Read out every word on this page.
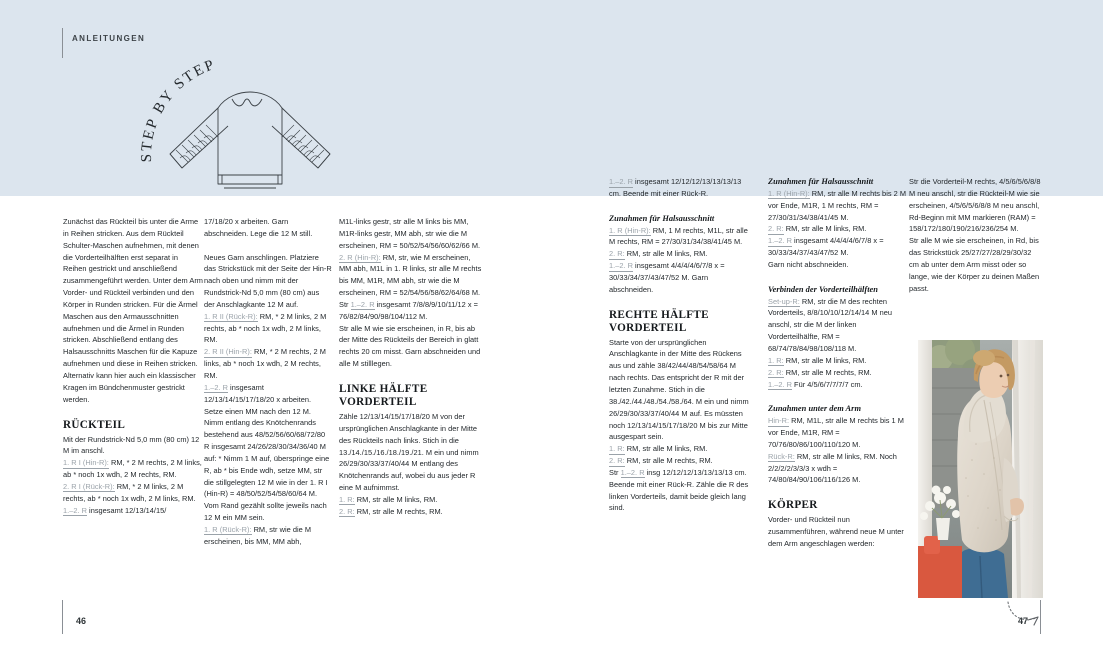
ANLEITUNGEN
46	47
STEP BY STEP

Zunächst das Rückteil bis unter die Arme in Reihen stricken. Aus dem Rückteil Schulter-Maschen aufnehmen, mit denen die Vorderteilhälften erst separat in Reihen gestrickt und anschließend zusammengeführt werden. Unter dem Arm Vorder- und Rückteil verbinden und den Körper in Runden stricken. Für die Ärmel Maschen aus den Armausschnitten aufnehmen und die Ärmel in Runden stricken. Abschließend entlang des Halsausschnitts Maschen für die Kapuze aufnehmen und diese in Reihen stricken. Alternativ kann hier auch ein klassischer Kragen im Bündchenmuster gestrickt werden.

RÜCKTEIL

Mit der Rundstrick-Nd 5,0 mm (80 cm) 12 M im anschl.

1. R I (Hin-R): RM, * 2 M rechts, 2 M links, ab * noch 1x wdh, 2 M rechts, RM.

2. R I (Rück-R): RM, * 2 M links, 2 M rechts, ab * noch 1x wdh, 2 M links, RM.

1.–2. R insgesamt 12/13/14/15/

17/18/20 x arbeiten. Garn abschneiden. Lege die 12 M still.

Neues Garn anschlingen. Platziere das Strickstück mit der Seite der Hin-R nach oben und nimm mit der Rundstrick-Nd 5,0 mm (80 cm) aus der Anschlagkante 12 M auf.

1. R II (Rück-R): RM, * 2 M links, 2 M rechts, ab * noch 1x wdh, 2 M links, RM.

2. R II (Hin-R): RM, * 2 M rechts, 2 M links, ab * noch 1x wdh, 2 M rechts, RM.

1.–2. R insgesamt 12/13/14/15/17/18/20 x arbeiten.

Setze einen MM nach den 12 M. Nimm entlang des Knötchenrands bestehend aus 48/52/56/60/68/72/80 R insgesamt 24/26/28/30/34/36/40 M auf: * Nimm 1 M auf, überspringe eine R, ab * bis Ende wdh, setze MM, str die stillgelegten 12 M wie in der 1. R I (Hin-R) = 48/50/52/54/58/60/64 M. Vom Rand gezählt sollte jeweils nach 12 M ein MM sein.

1. R (Rück-R): RM, str wie die M erscheinen, bis MM, MM abh,

M1L-links gestr, str alle M links bis MM, M1R-links gestr, MM abh, str wie die M erscheinen, RM = 50/52/54/56/60/62/66 M.

2. R (Hin-R): RM, str, wie M erscheinen, MM abh, M1L in 1. R links, str alle M rechts bis MM, M1R, MM abh, str wie die M erscheinen, RM = 52/54/56/58/62/64/68 M.

Str 1.–2. R insgesamt 7/8/8/9/10/11/12 x = 76/82/84/90/98/104/112 M.

Str alle M wie sie erscheinen, in R, bis ab der Mitte des Rückteils der Bereich in glatt rechts 20 cm misst. Garn abschneiden und alle M stilllegen.

LINKE HÄLFTE VORDERTEIL

Zähle 12/13/14/15/17/18/20 M von der ursprünglichen Anschlagkante in der Mitte des Rückteils nach links. Stich in die 13./14./15./16./18./19./21. M ein und nimm 26/29/30/33/37/40/44 M entlang des Knötchenrands auf, wobei du aus jeder R eine M aufnimmst.

1. R: RM, str alle M links, RM.

2. R: RM, str alle M rechts, RM.

1.–2. R insgesamt 12/12/12/13/13/13/13 cm. Beende mit einer Rück-R.

Zunahmen für Halsausschnitt

1. R (Hin-R): RM, 1 M rechts, M1L, str alle M rechts, RM = 27/30/31/34/38/41/45 M.

2. R: RM, str alle M links, RM.

1.–2. R insgesamt 4/4/4/4/6/7/8 x = 30/33/34/37/43/47/52 M. Garn abschneiden.

RECHTE HÄLFTE VORDERTEIL

Starte von der ursprünglichen Anschlagkante in der Mitte des Rückens aus und zähle 38/42/44/48/54/58/64 M nach rechts. Das entspricht der R mit der letzten Zunahme. Stich in die 38./42./44./48./54./58./64. M ein und nimm 26/29/30/33/37/40/44 M auf. Es müssten noch 12/13/14/15/17/18/20 M bis zur Mitte ausgespart sein.

1. R: RM, str alle M links, RM.

2. R: RM, str alle M rechts, RM.

Str 1.–2. R insg 12/12/12/13/13/13/13 cm. Beende mit einer Rück-R. Zähle die R des linken Vorderteils, damit beide gleich lang sind.

Zunahmen für Halsausschnitt

1. R (Hin-R): RM, str alle M rechts bis 2 M vor Ende, M1R, 1 M rechts, RM = 27/30/31/34/38/41/45 M.

2. R: RM, str alle M links, RM.

1.–2. R insgesamt 4/4/4/4/6/7/8 x = 30/33/34/37/43/47/52 M.

Garn nicht abschneiden.

Verbinden der Vorderteilhälften

Set-up-R: RM, str die M des rechten Vorderteils, 8/8/10/10/12/14/14 M neu anschl, str die M der linken Vorderteilhälfte, RM = 68/74/78/84/98/108/118 M.

1. R: RM, str alle M links, RM.

2. R: RM, str alle M rechts, RM.

1.–2. R Für 4/5/6/7/7/7/7 cm.

Zunahmen unter dem Arm

Hin-R: RM, M1L, str alle M rechts bis 1 M vor Ende, M1R, RM = 70/76/80/86/100/110/120 M.

Rück-R: RM, str alle M links, RM. Noch 2/2/2/2/3/3/3 x wdh = 74/80/84/90/106/116/126 M.

KÖRPER

Vorder- und Rückteil nun zusammenführen, während neue M unter dem Arm angeschlagen werden:

Str die Vorderteil-M rechts, 4/5/6/5/6/8/8 M neu anschl, str die Rückteil-M wie sie erscheinen, 4/5/6/5/6/8/8 M neu anschl, Rd-Beginn mit MM markieren (RAM) = 158/172/180/190/216/236/254 M.

Str alle M wie sie erscheinen, in Rd, bis das Strickstück 25/27/27/28/29/30/32 cm ab unter dem Arm misst oder so lange, wie der Körper zu deinen Maßen passt.
